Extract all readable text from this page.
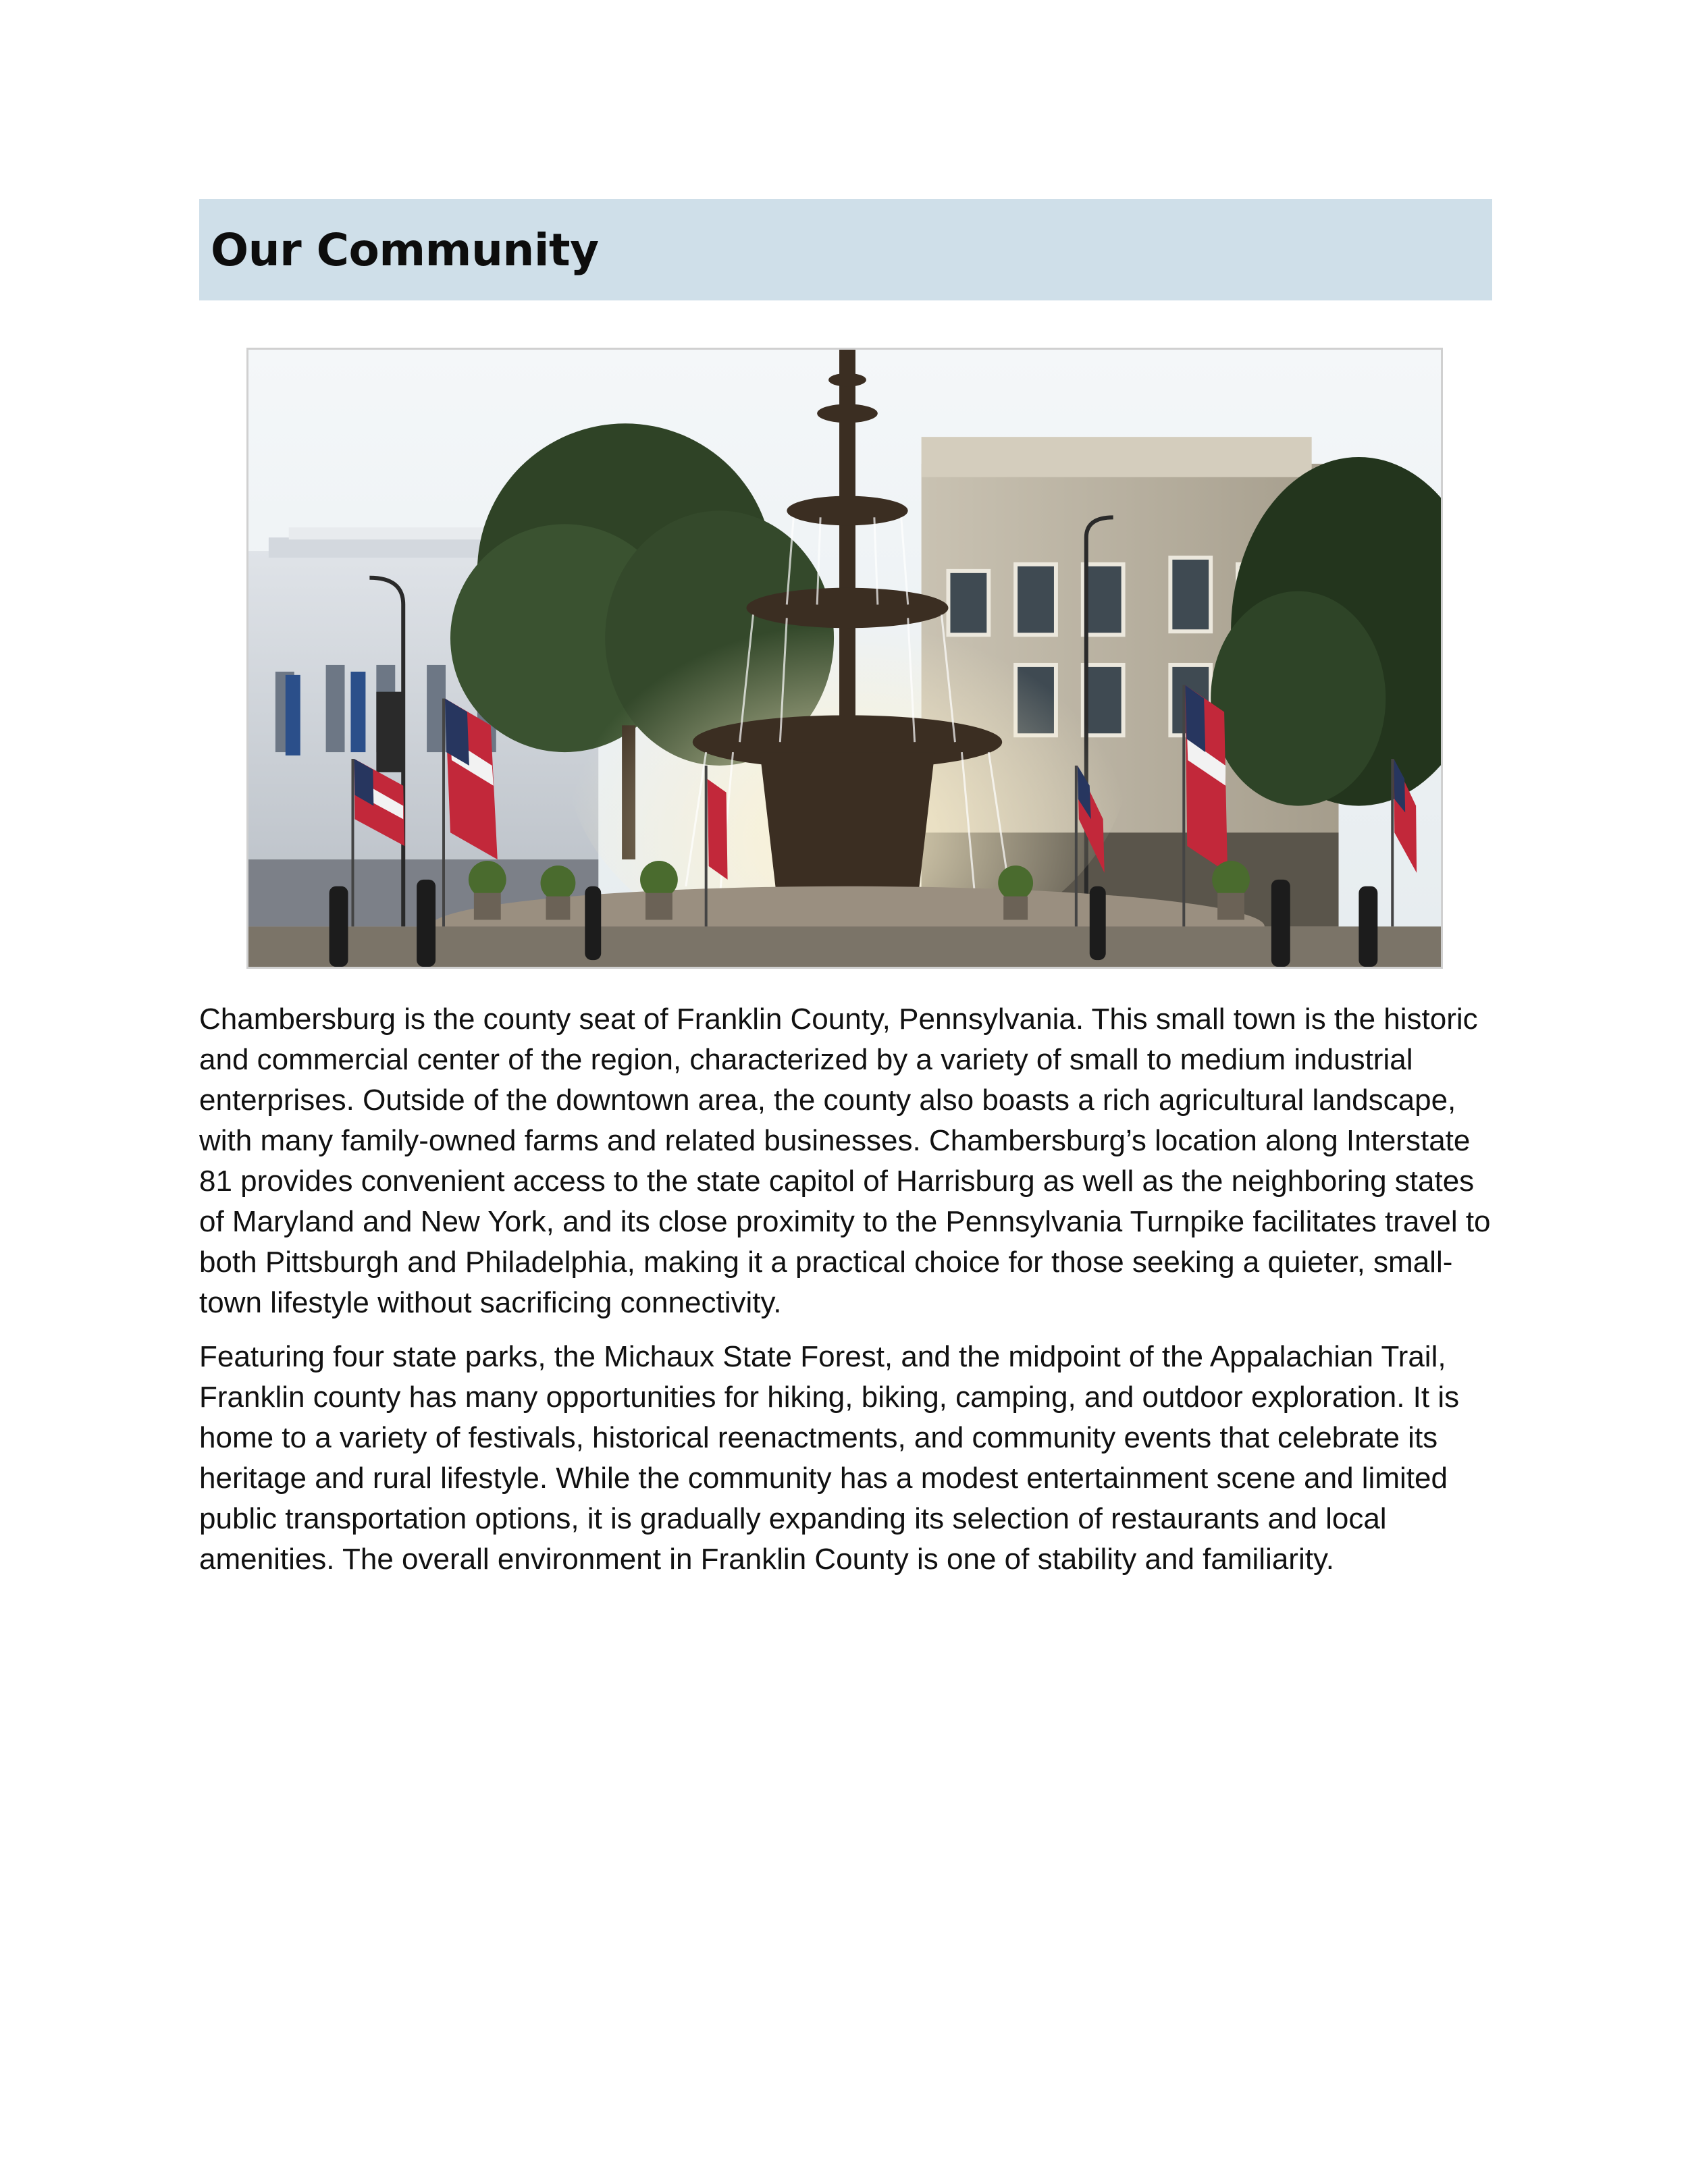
Our Community

Chambersburg is the county seat of Franklin County, Pennsylvania. This small town is the historic and commercial center of the region, characterized by a variety of small to medium industrial enterprises. Outside of the downtown area, the county also boasts a rich agricultural landscape, with many family-owned farms and related businesses. Chambersburg’s location along Interstate 81 provides convenient access to the state capitol of Harrisburg as well as the neighboring states of Maryland and New York, and its close proximity to the Pennsylvania Turnpike facilitates travel to both Pittsburgh and Philadelphia, making it a practical choice for those seeking a quieter, small-town lifestyle without sacrificing connectivity.

Featuring four state parks, the Michaux State Forest, and the midpoint of the Appalachian Trail, Franklin county has many opportunities for hiking, biking, camping, and outdoor exploration. It is home to a variety of festivals, historical reenactments, and community events that celebrate its heritage and rural lifestyle. While the community has a modest entertainment scene and limited public transportation options, it is gradually expanding its selection of restaurants and local amenities. The overall environment in Franklin County is one of stability and familiarity.
